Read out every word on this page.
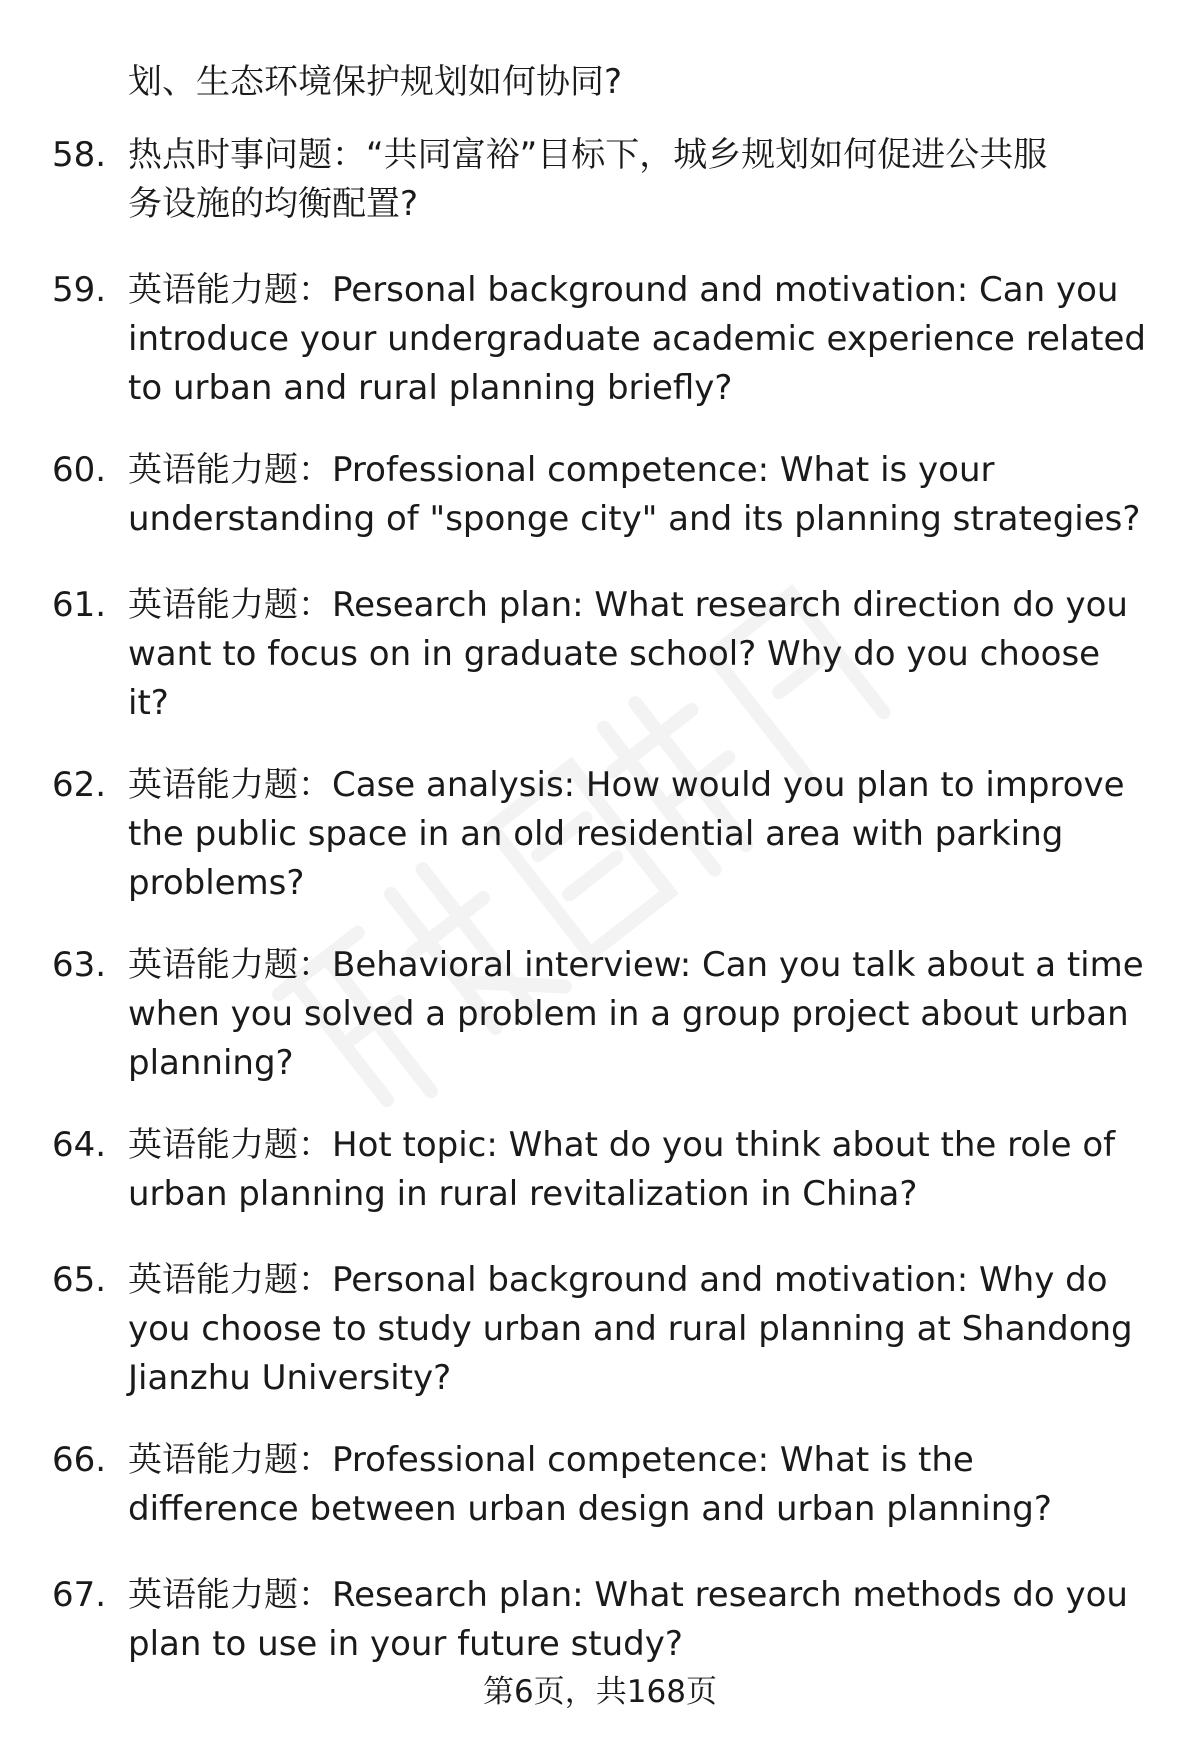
划、生态环境保护规划如何协同?
58. 热点时事问题：“共同富裕”目标下，城乡规划如何促进公共服
务设施的均衡配置?
59. 英语能力题：Personal background and motivation: Can you
introduce your undergraduate academic experience related
to urban and rural planning briefly?
60. 英语能力题：Professional competence: What is your
understanding of "sponge city" and its planning strategies?
61. 英语能力题：Research plan: What research direction do you
want to focus on in graduate school? Why do you choose
it?
62. 英语能力题：Case analysis: How would you plan to improve
the public space in an old residential area with parking
problems?
63. 英语能力题：Behavioral interview: Can you talk about a time
when you solved a problem in a group project about urban
planning?
64. 英语能力题：Hot topic: What do you think about the role of
urban planning in rural revitalization in China?
65. 英语能力题：Personal background and motivation: Why do
you choose to study urban and rural planning at Shandong
Jianzhu University?
66. 英语能力题：Professional competence: What is the
difference between urban design and urban planning?
67. 英语能力题：Research plan: What research methods do you
plan to use in your future study?
第6页，共168页
